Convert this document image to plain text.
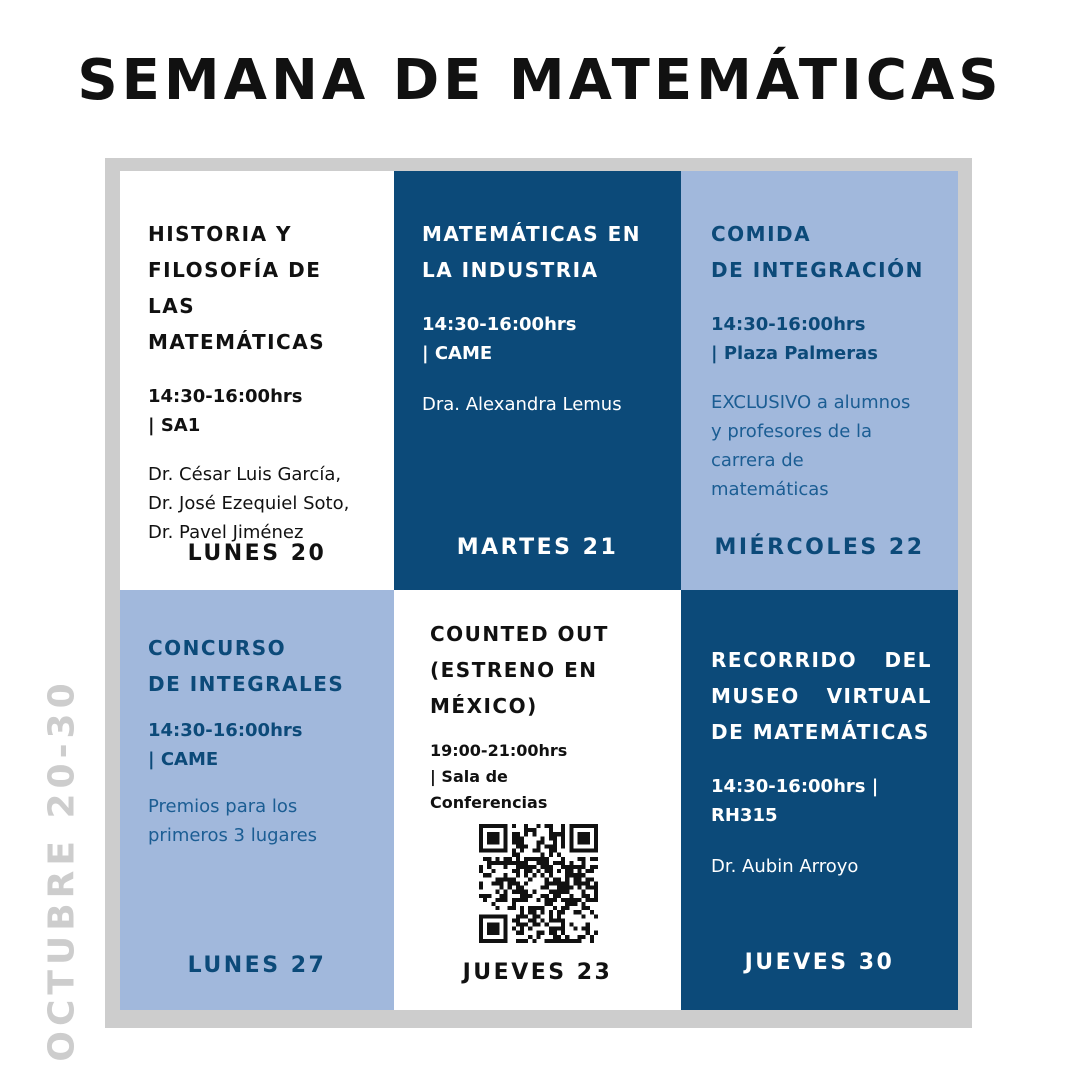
SEMANA DE MATEMÁTICAS
OCTUBRE 20-30
HISTORIA Y FILOSOFÍA DE LAS MATEMÁTICAS
14:30-16:00hrs
| SA1
Dr. César Luis García,
Dr. José Ezequiel Soto,
Dr. Pavel Jiménez
LUNES 20
MATEMÁTICAS EN LA INDUSTRIA
14:30-16:00hrs
| CAME
Dra. Alexandra Lemus
MARTES 21
COMIDA
DE INTEGRACIÓN
14:30-16:00hrs
| Plaza Palmeras
EXCLUSIVO a alumnos
y profesores de la
carrera de
matemáticas
MIÉRCOLES 22
CONCURSO
DE INTEGRALES
14:30-16:00hrs
| CAME
Premios para los
primeros 3 lugares
LUNES 27
COUNTED OUT (ESTRENO EN MÉXICO)
19:00-21:00hrs
| Sala de
Conferencias
JUEVES 23
RECORRIDO DEL
MUSEO VIRTUAL
DE MATEMÁTICAS
14:30-16:00hrs |
RH315
Dr. Aubin Arroyo
JUEVES 30
